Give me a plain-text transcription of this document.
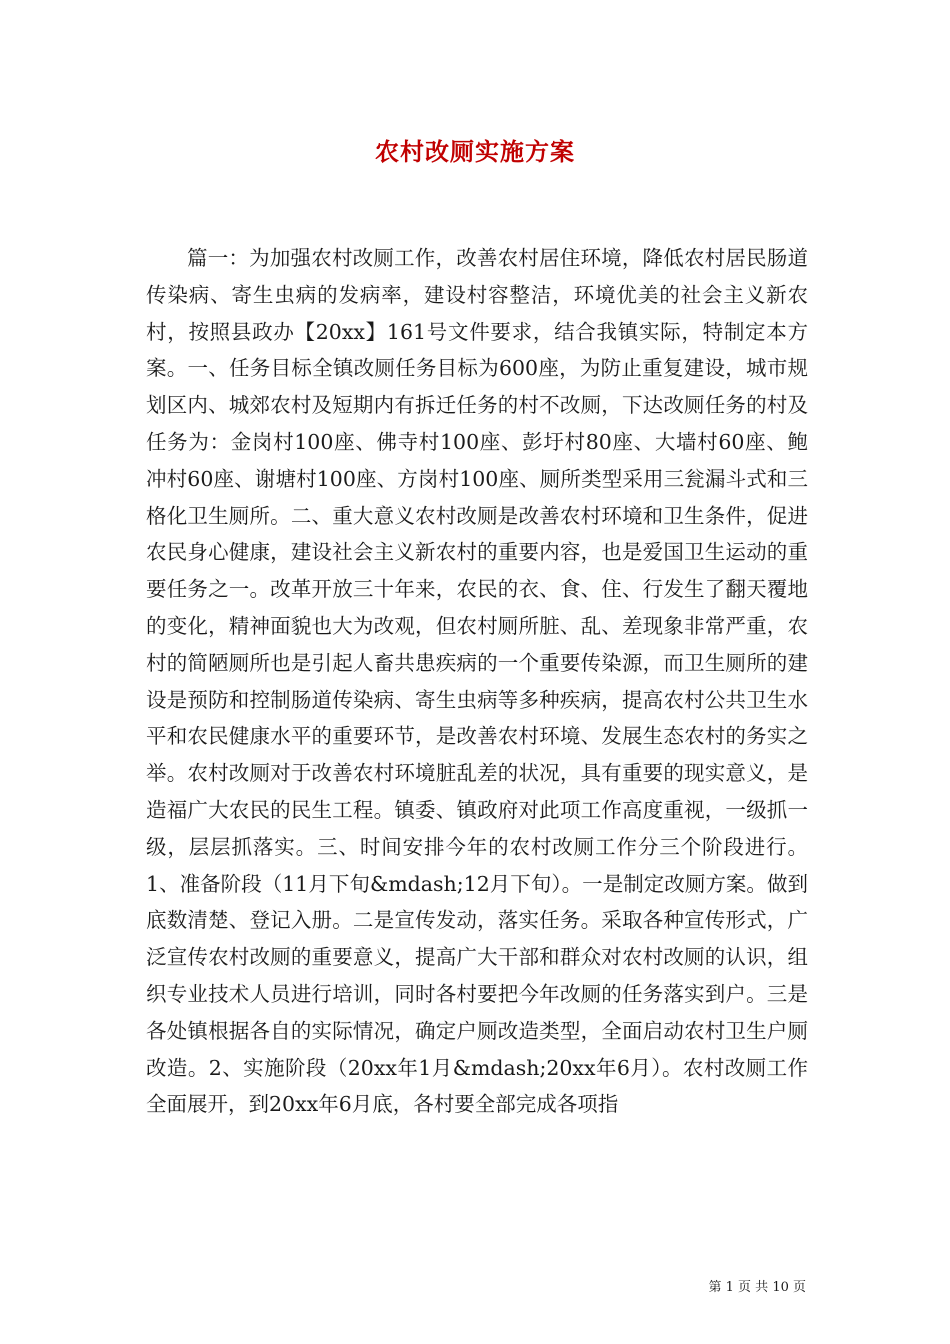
农村改厕实施方案

篇一：为加强农村改厕工作，改善农村居住环境，降低农村居民肠道传染病、寄生虫病的发病率，建设村容整洁，环境优美的社会主义新农村，按照县政办【20xx】161号文件要求，结合我镇实际，特制定本方案。一、任务目标全镇改厕任务目标为600座，为防止重复建设，城市规划区内、城郊农村及短期内有拆迁任务的村不改厕，下达改厕任务的村及任务为：金岗村100座、佛寺村100座、彭圩村80座、大墙村60座、鲍冲村60座、谢塘村100座、方岗村100座、厕所类型采用三瓮漏斗式和三格化卫生厕所。二、重大意义农村改厕是改善农村环境和卫生条件，促进农民身心健康，建设社会主义新农村的重要内容，也是爱国卫生运动的重要任务之一。改革开放三十年来，农民的衣、食、住、行发生了翻天覆地的变化，精神面貌也大为改观，但农村厕所脏、乱、差现象非常严重，农村的简陋厕所也是引起人畜共患疾病的一个重要传染源，而卫生厕所的建设是预防和控制肠道传染病、寄生虫病等多种疾病，提高农村公共卫生水平和农民健康水平的重要环节，是改善农村环境、发展生态农村的务实之举。农村改厕对于改善农村环境脏乱差的状况，具有重要的现实意义，是造福广大农民的民生工程。镇委、镇政府对此项工作高度重视，一级抓一级，层层抓落实。三、时间安排今年的农村改厕工作分三个阶段进行。1、准备阶段（11月下旬&mdash;12月下旬）。一是制定改厕方案。做到底数清楚、登记入册。二是宣传发动，落实任务。采取各种宣传形式，广泛宣传农村改厕的重要意义，提高广大干部和群众对农村改厕的认识，组织专业技术人员进行培训，同时各村要把今年改厕的任务落实到户。三是各处镇根据各自的实际情况，确定户厕改造类型，全面启动农村卫生户厕改造。2、实施阶段（20xx年1月&mdash;20xx年6月）。农村改厕工作全面展开，到20xx年6月底，各村要全部完成各项指

第 1 页 共 10 页
